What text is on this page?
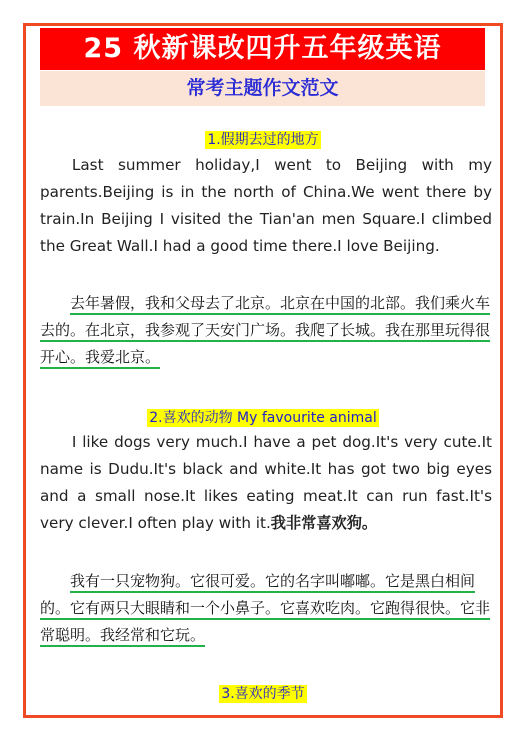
25 秋新课改四升五年级英语
常考主题作文范文
1.假期去过的地方

Last summer holiday,I went to Beijing with my parents.Beijing is in the north of China.We went there by train.In Beijing I visited the Tian'an men Square.I climbed the Great Wall.I had a good time there.I love Beijing.

去年暑假，我和父母去了北京。北京在中国的北部。我们乘火车去的。在北京，我参观了天安门广场。我爬了长城。我在那里玩得很开心。我爱北京。

2.喜欢的动物 My favourite animal

I like dogs very much.I have a pet dog.It's very cute.It name is Dudu.It's black and white.It has got two big eyes and a small nose.It likes eating meat.It can run fast.It's very clever.I often play with it.我非常喜欢狗。

我有一只宠物狗。它很可爱。它的名字叫嘟嘟。它是黑白相间的。它有两只大眼睛和一个小鼻子。它喜欢吃肉。它跑得很快。它非常聪明。我经常和它玩。

3.喜欢的季节
